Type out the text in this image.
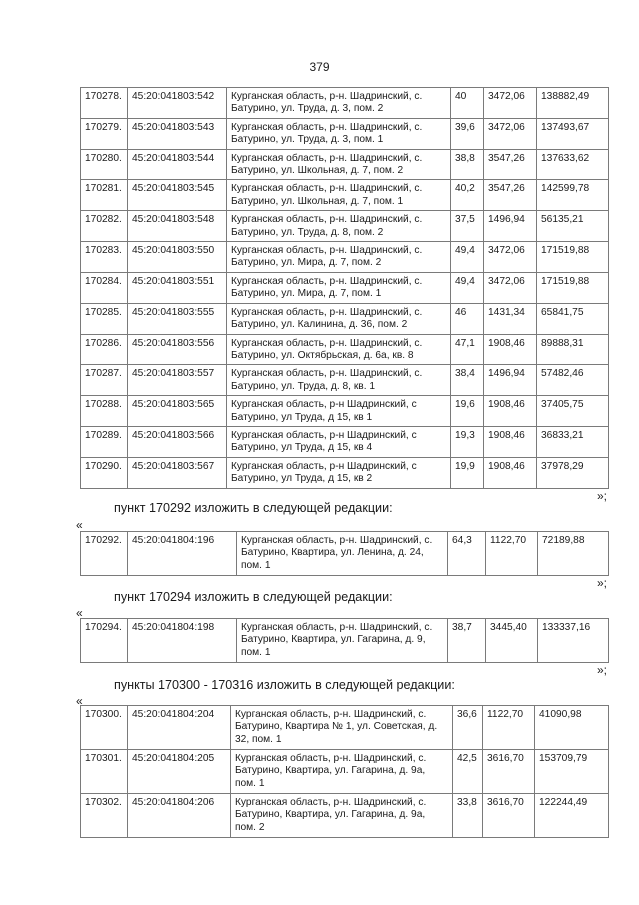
379
170278.	45:20:041803:542	Курганская область, р-н. Шадринский, с. Батурино, ул. Труда, д. 3, пом. 2	40	3472,06	138882,49
170279.	45:20:041803:543	Курганская область, р-н. Шадринский, с. Батурино, ул. Труда, д. 3, пом. 1	39,6	3472,06	137493,67
170280.	45:20:041803:544	Курганская область, р-н. Шадринский, с. Батурино, ул. Школьная, д. 7, пом. 2	38,8	3547,26	137633,62
170281.	45:20:041803:545	Курганская область, р-н. Шадринский, с. Батурино, ул. Школьная, д. 7, пом. 1	40,2	3547,26	142599,78
170282.	45:20:041803:548	Курганская область, р-н. Шадринский, с. Батурино, ул. Труда, д. 8, пом. 2	37,5	1496,94	56135,21
170283.	45:20:041803:550	Курганская область, р-н. Шадринский, с. Батурино, ул. Мира, д. 7, пом. 2	49,4	3472,06	171519,88
170284.	45:20:041803:551	Курганская область, р-н. Шадринский, с. Батурино, ул. Мира, д. 7, пом. 1	49,4	3472,06	171519,88
170285.	45:20:041803:555	Курганская область, р-н. Шадринский, с. Батурино, ул. Калинина, д. 36, пом. 2	46	1431,34	65841,75
170286.	45:20:041803:556	Курганская область, р-н. Шадринский, с. Батурино, ул. Октябрьская, д. 6а, кв. 8	47,1	1908,46	89888,31
170287.	45:20:041803:557	Курганская область, р-н. Шадринский, с. Батурино, ул. Труда, д. 8, кв. 1	38,4	1496,94	57482,46
170288.	45:20:041803:565	Курганская область, р-н Шадринский, с Батурино, ул Труда, д 15, кв 1	19,6	1908,46	37405,75
170289.	45:20:041803:566	Курганская область, р-н Шадринский, с Батурино, ул Труда, д 15, кв 4	19,3	1908,46	36833,21
170290.	45:20:041803:567	Курганская область, р-н Шадринский, с Батурино, ул Труда, д 15, кв 2	19,9	1908,46	37978,29
»;
пункт 170292 изложить в следующей редакции:
«
170292.	45:20:041804:196	Курганская область, р-н. Шадринский, с. Батурино, Квартира, ул. Ленина, д. 24, пом. 1	64,3	1122,70	72189,88
»;
пункт 170294 изложить в следующей редакции:
«
170294.	45:20:041804:198	Курганская область, р-н. Шадринский, с. Батурино, Квартира, ул. Гагарина, д. 9, пом. 1	38,7	3445,40	133337,16
»;
пункты 170300 - 170316 изложить в следующей редакции:
«
170300.	45:20:041804:204	Курганская область, р-н. Шадринский, с. Батурино, Квартира № 1, ул. Советская, д. 32, пом. 1	36,6	1122,70	41090,98
170301.	45:20:041804:205	Курганская область, р-н. Шадринский, с. Батурино, Квартира, ул. Гагарина, д. 9а, пом. 1	42,5	3616,70	153709,79
170302.	45:20:041804:206	Курганская область, р-н. Шадринский, с. Батурино, Квартира, ул. Гагарина, д. 9а, пом. 2	33,8	3616,70	122244,49
